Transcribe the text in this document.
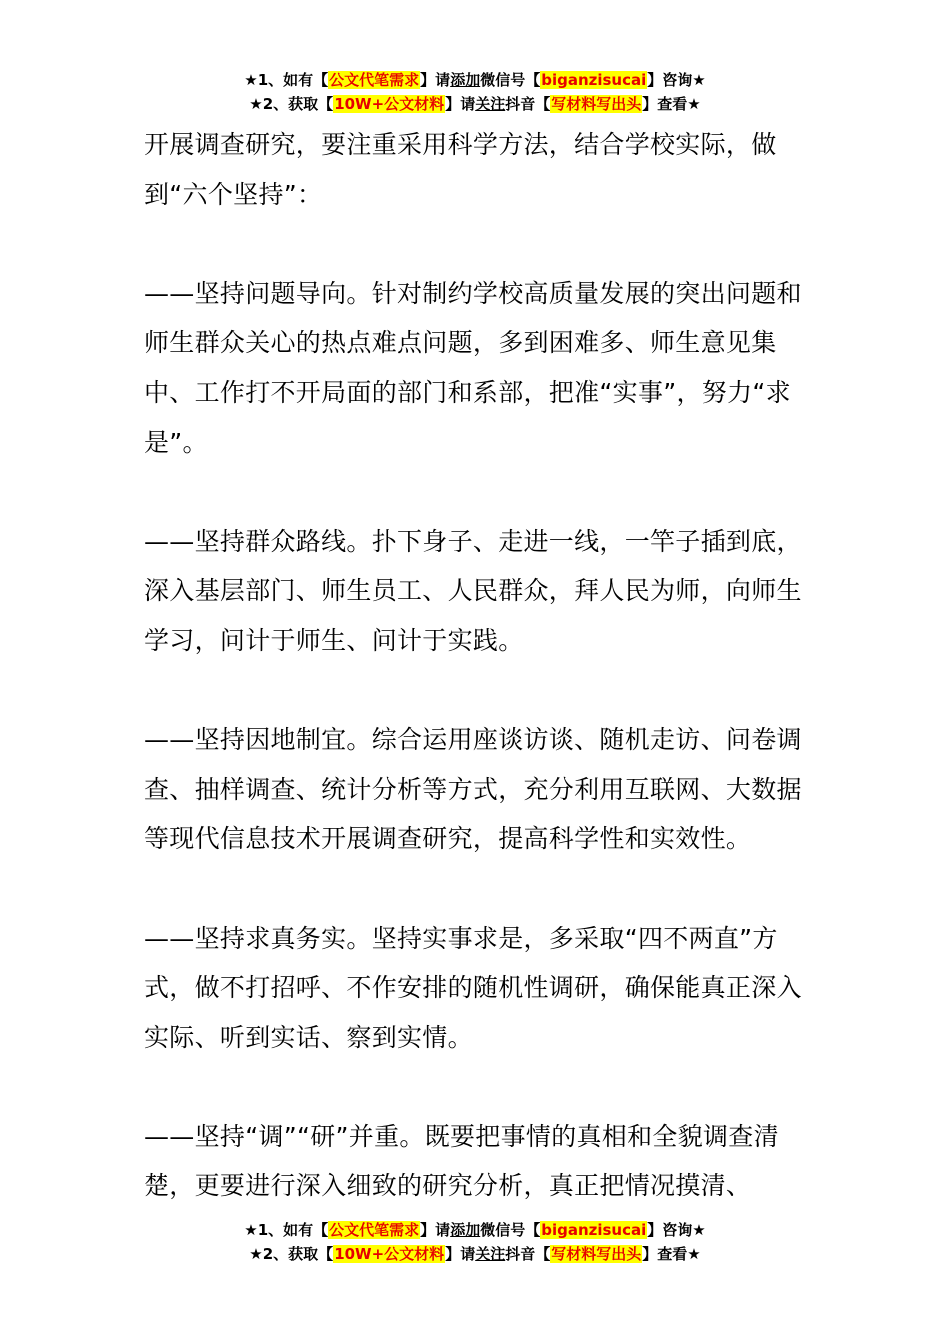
★1、如有【公文代笔需求】请添加微信号【biganzisucai】咨询★
★2、获取【10W+公文材料】请关注抖音【写材料写出头】查看★

开展调查研究，要注重采用科学方法，结合学校实际，做到“六个坚持”：

——坚持问题导向。针对制约学校高质量发展的突出问题和师生群众关心的热点难点问题，多到困难多、师生意见集中、工作打不开局面的部门和系部，把准“实事”，努力“求是”。

——坚持群众路线。扑下身子、走进一线，一竿子插到底，深入基层部门、师生员工、人民群众，拜人民为师，向师生学习，问计于师生、问计于实践。

——坚持因地制宜。综合运用座谈访谈、随机走访、问卷调查、抽样调查、统计分析等方式，充分利用互联网、大数据等现代信息技术开展调查研究，提高科学性和实效性。

——坚持求真务实。坚持实事求是，多采取“四不两直”方式，做不打招呼、不作安排的随机性调研，确保能真正深入实际、听到实话、察到实情。

——坚持“调”“研”并重。既要把事情的真相和全貌调查清楚，更要进行深入细致的研究分析，真正把情况摸清、

★1、如有【公文代笔需求】请添加微信号【biganzisucai】咨询★
★2、获取【10W+公文材料】请关注抖音【写材料写出头】查看★
